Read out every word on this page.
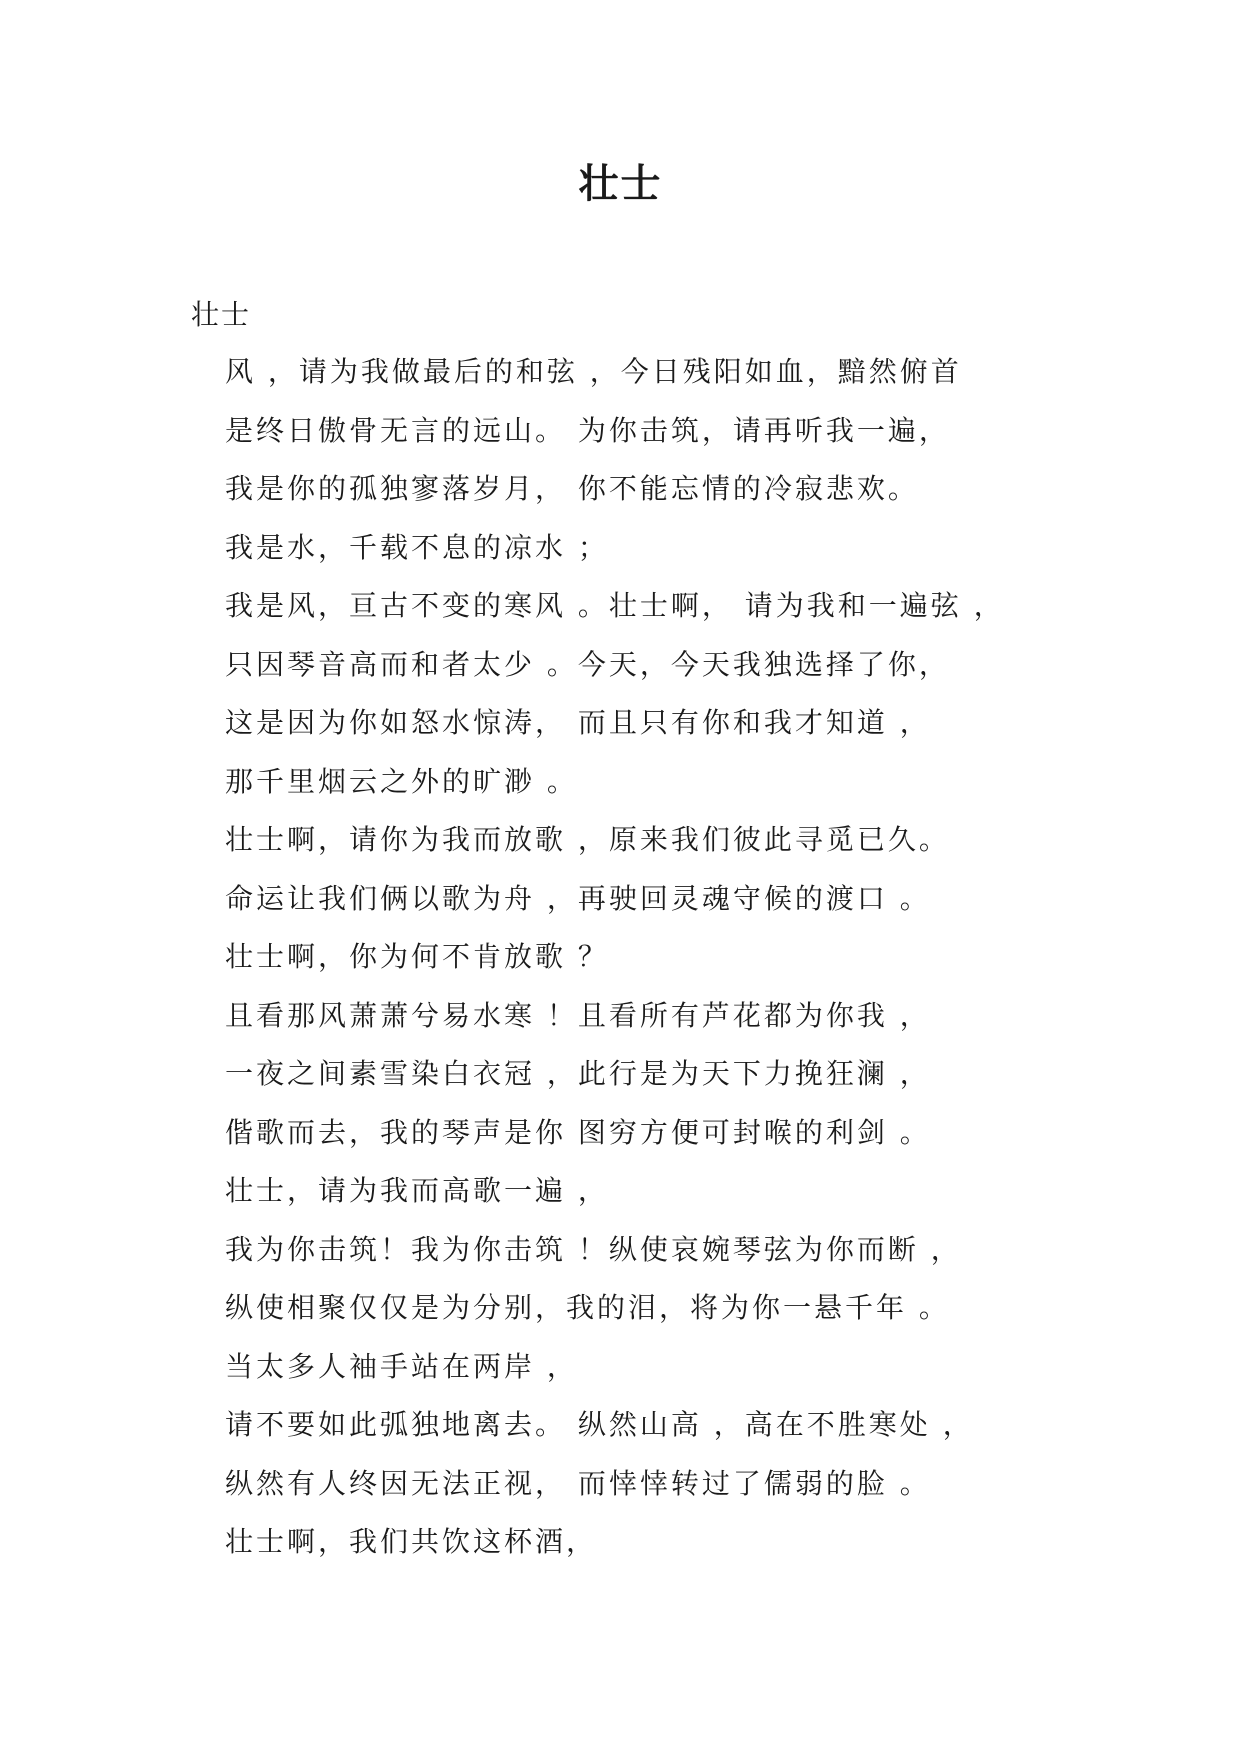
壮士

壮士

风 ，请为我做最后的和弦 ，今日残阳如血，黯然俯首
是终日傲骨无言的远山。 为你击筑，请再听我一遍，
我是你的孤独寥落岁月， 你不能忘情的冷寂悲欢。
我是水，千载不息的凉水 ；
我是风，亘古不变的寒风 。壮士啊， 请为我和一遍弦 ，
只因琴音高而和者太少 。今天，今天我独选择了你，
这是因为你如怒水惊涛， 而且只有你和我才知道 ，
那千里烟云之外的旷渺 。
壮士啊，请你为我而放歌 ，原来我们彼此寻觅已久。
命运让我们俩以歌为舟 ，再驶回灵魂守候的渡口 。
壮士啊，你为何不肯放歌 ？
且看那风萧萧兮易水寒 ！且看所有芦花都为你我 ，
一夜之间素雪染白衣冠 ，此行是为天下力挽狂澜 ，
偕歌而去，我的琴声是你 图穷方便可封喉的利剑 。
壮士，请为我而高歌一遍 ，
我为你击筑！我为你击筑 ！纵使哀婉琴弦为你而断 ，
纵使相聚仅仅是为分别，我的泪，将为你一悬千年 。
当太多人袖手站在两岸 ，
请不要如此弧独地离去。 纵然山高 ，高在不胜寒处 ，
纵然有人终因无法正视， 而悻悻转过了儒弱的脸 。
壮士啊，我们共饮这杯酒，
